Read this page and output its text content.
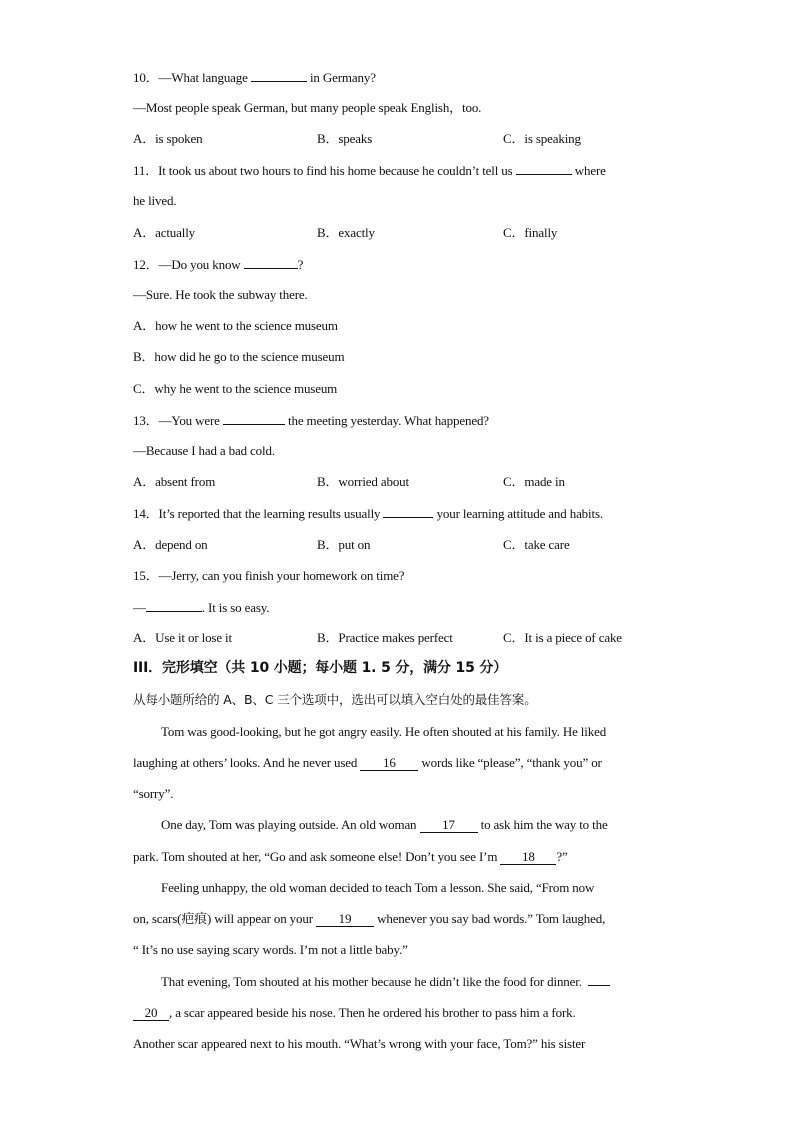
10．—What language	in Germany?
—Most people speak German, but many people speak English，too.
A．is spoken	B．speaks	C．is speaking
11．It took us about two hours to find his home because he couldn’t tell us	where
he lived.
A．actually	B．exactly	C．finally
12．—Do you know	?
—Sure. He took the subway there.
A．how he went to the science museum
B．how did he go to the science museum
C．why he went to the science museum
13．—You were	the meeting yesterday. What happened?
—Because I had a bad cold.
A．absent from	B．worried about	C．made in
14．It’s reported that the learning results usually	your learning attitude and habits.
A．depend on	B．put on	C．take care
15．—Jerry, can you finish your homework on time?
—	. It is so easy.
A．Use it or lose it	B．Practice makes perfect	C．It is a piece of cake
III．完形填空（共 10 小题；每小题 1. 5 分，满分 15 分）
从每小题所给的 A、B、C 三个选项中，选出可以填入空白处的最佳答案。
Tom was good-looking, but he got angry easily. He often shouted at his family. He liked
laughing at others’ looks. And he never used 16 words like “please”, “thank you” or
“sorry”.
One day, Tom was playing outside. An old woman 17 to ask him the way to the
park. Tom shouted at her, “Go and ask someone else! Don’t you see I’m 18 ?”
Feeling unhappy, the old woman decided to teach Tom a lesson. She said, “From now
on, scars(疤痕) will appear on your 19 whenever you say bad words.” Tom laughed,
“ It’s no use saying scary words. I’m not a little baby.”
That evening, Tom shouted at his mother because he didn’t like the food for dinner.
20 , a scar appeared beside his nose. Then he ordered his brother to pass him a fork.
Another scar appeared next to his mouth. “What’s wrong with your face, Tom?” his sister
